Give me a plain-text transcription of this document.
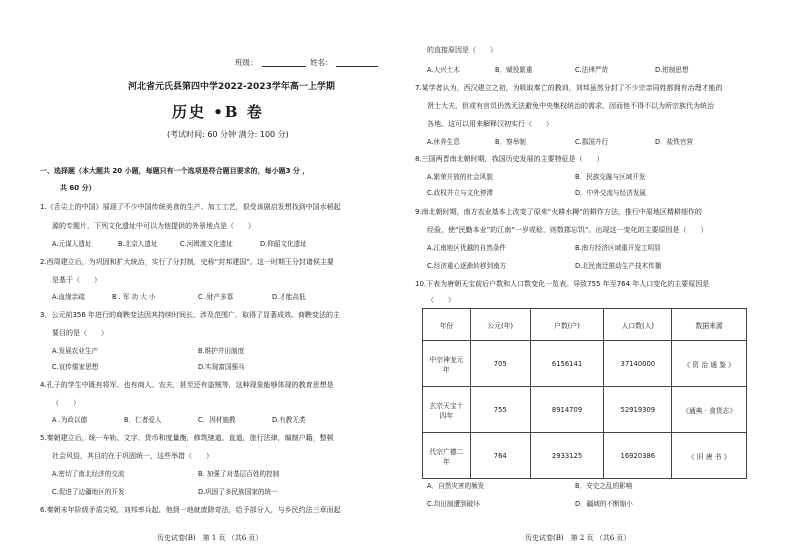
班级：	姓名：
河北省元氏县第四中学2022-2023学年高一上学期
历史 •B 卷
(考试时间: 60 分钟 满分: 100 分)
一、选择题（本大题共 20 小题，每题只有一个选项是符合题目要求的，每小题3 分 ，
共 60 分）
1.《舌尖上的中国》展现了不少中国传统美食的生产、加工工艺，很受该剧启发想找到中国水稻起
源的专题片，下列文化遗址中可以为他提供的外景地点是（　　）
A.元谋人遗址	B.北京人遗址	C.河姆渡文化遗址	D.仰韶文化遗址
2.西周建立后，为巩固和扩大统治，实行了分封制，史称“封邦建国”。这一时期王分封诸侯主要
是基于（　　）
A.血缘亲疏	B . 军 功 大 小	C .财产多寡	D.才能高低
3．公元前356 年进行的商鞅变法因其持续时间长、涉及范围广，取得了显著成效。商鞅变法的主
要目的是（　　）
A.发展农业生产	B.维护井田制度
C.宣传儒家思想	D.实现富国强兵
4.孔子的学生中既有将军、也有商人、农夫，甚至还有盗贼等，这种现象能够体现的教育思想是
（　　）
A .为政以德	B．仁者爱人	C．因材施教	D.有教无类
5.秦朝建立后，统一车轨、文字、货币和度量衡，修筑驰道、直道，旅行法律，编制户籍，整顿
社会风俗，其目的在于巩固统一，这些举措（　　）
A.密切了南北经济的交流	B. 加强了对基层百姓的控制
C.促进了边疆地区的开发	D.巩固了多民族国家的统一
6.秦朝末年阶级矛盾尖锐，刘邦率兵起，他到一地就废除苛法，给予部分人，与乡民约法三章而起
历史试卷(B)　第 1 页 （共6 页）
的直接原因是（　　）
A.大兴土木	B．赋役繁重	C.法律严苛	D.钳制思想
7.某学者认为，西汉建立之初，为吸取秦亡的教训，刘邦虽然分封了不少宗亲同姓都拥有治理才能的
贤士大夫，但或有官员仍然无法避免中央集权统治的需求，因而他不得不以为所宗族代为统治
各地。这可以用来解释汉初实行（　　）
A.休养生息	B．察举制	C.郡国并行	D．盐铁官营
8.三国两晋南北朝时期，我国历史发展的主要特征是（　　）
A.繁荣开放的社会风貌	B．民族交融与区域开发
C.政权并立与文化停滞	D．中外交流与经济发展
9.南北朝时期，南方农业基本上改变了原来“火耕水耨”的耕作方法，推行中原地区精耕细作的
经验，使“民勤本业”的江南“一岁或稔，则数郡忘饥”。出现这一变化的主要原因是（　　）
A.江南地区优越的自然条件	B.南方经济区域重开发工明显
C.经济重心逐渐转移到南方	D.北民南迁推动生产技术传播
10.下表为唐朝天宝前后户数和人口数变化一览表。导致755 年至764 年人口变化的主要原因是
（　　）
A．自然灾害的频发	B．安史之乱的影响
C.均田制遭到破坏	D．疆域的不断缩小
历史试卷(B)　第 2 页 （共6 页）
年份	公元(年)	户数(户)	人口数(人)	数据来源
中宗神龙元年	705	6156141	37140000	《 资 治 通 鉴 》
玄宗天宝十四年	755	8914709	52919309	《通典 · 食货志》
代宗广德二年	764	2933125	16920386	《 旧 唐 书 》
